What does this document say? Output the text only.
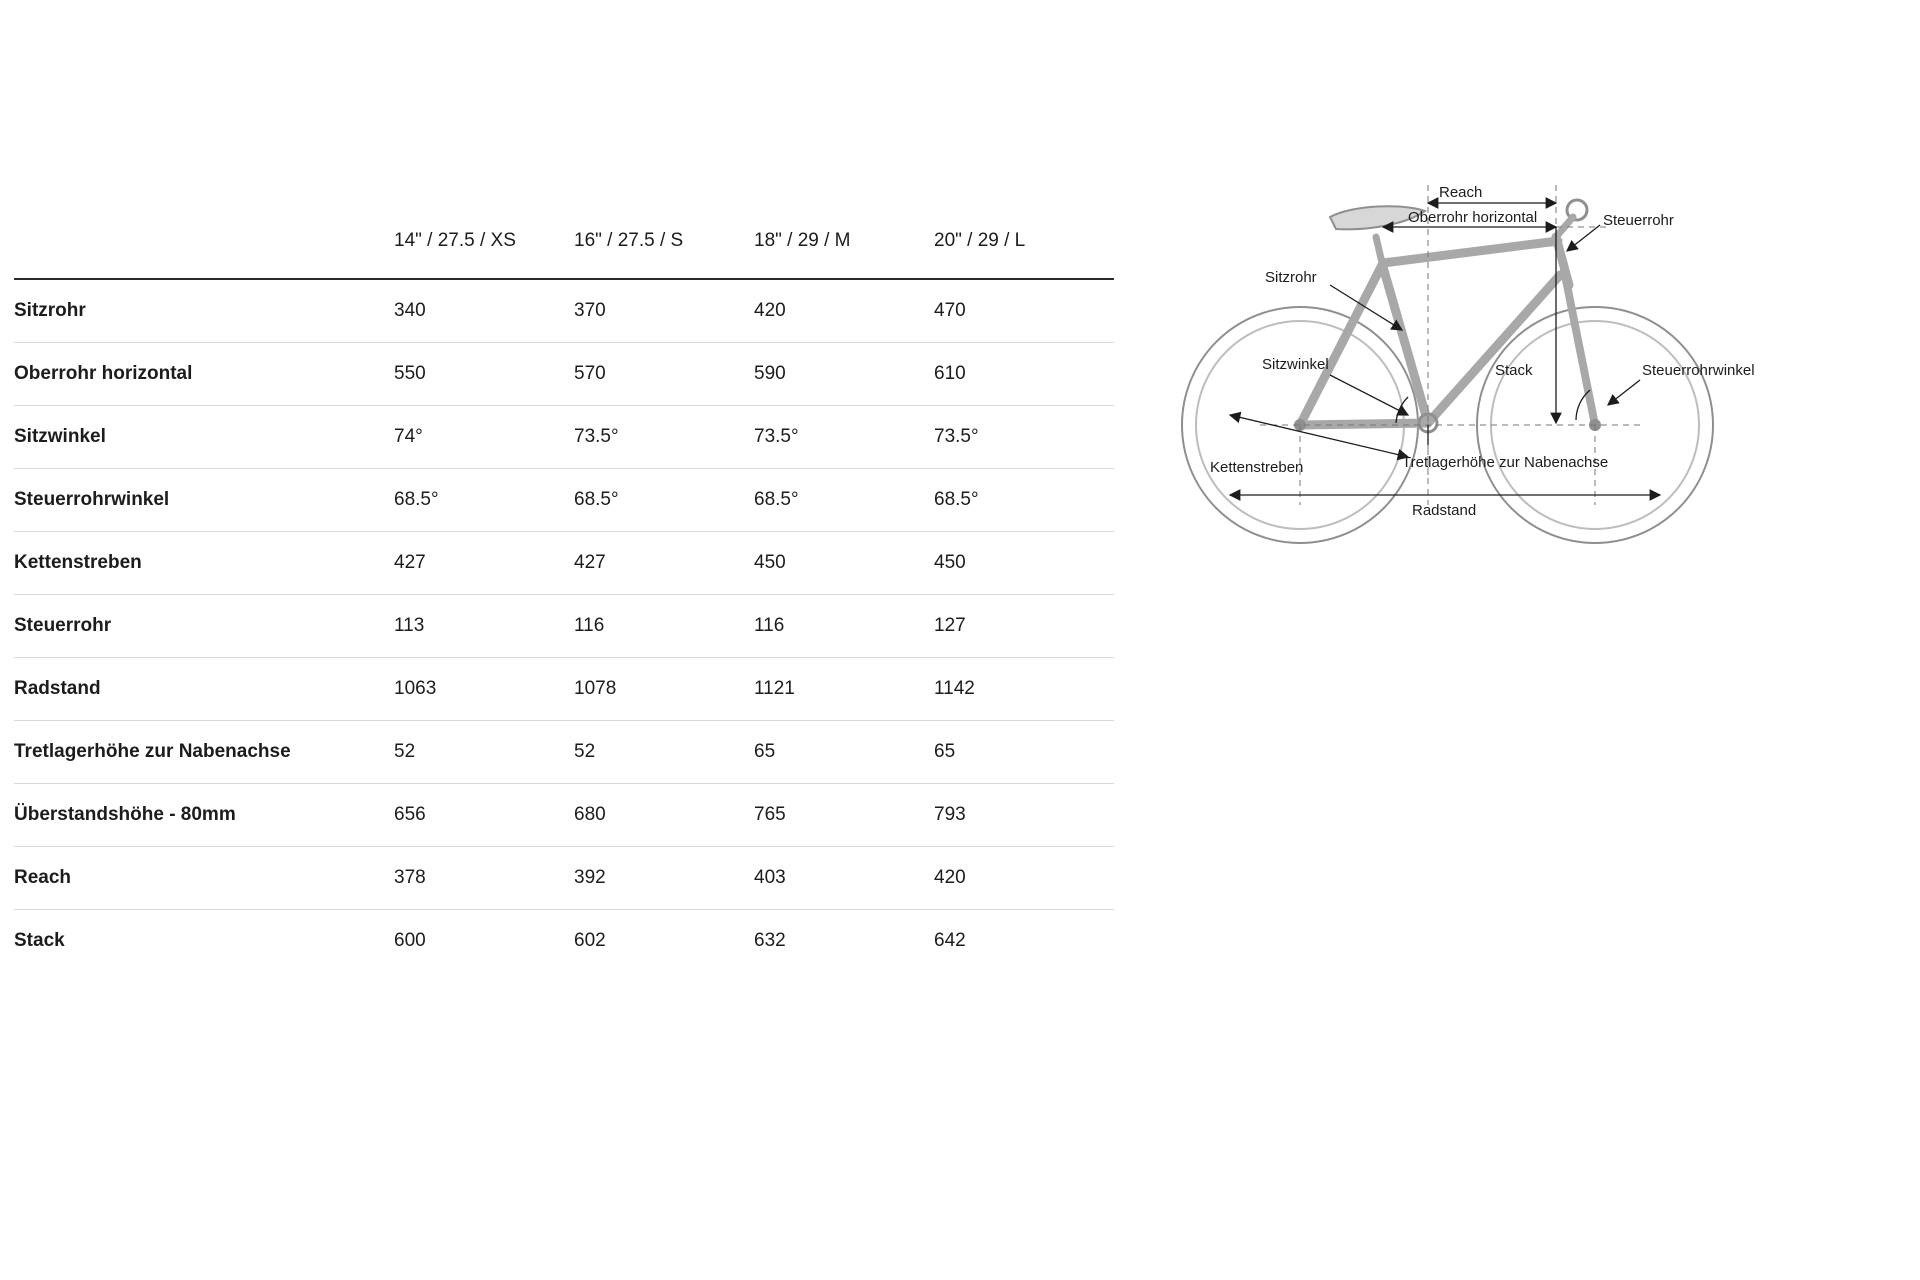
	14" / 27.5 / XS	16" / 27.5 / S	18" / 29 / M	20" / 29 / L
Sitzrohr	340	370	420	470
Oberrohr horizontal	550	570	590	610
Sitzwinkel	74°	73.5°	73.5°	73.5°
Steuerrohrwinkel	68.5°	68.5°	68.5°	68.5°
Kettenstreben	427	427	450	450
Steuerrohr	113	116	116	127
Radstand	1063	1078	1121	1142
Tretlagerhöhe zur Nabenachse	52	52	65	65
Überstandshöhe - 80mm	656	680	765	793
Reach	378	392	403	420
Stack	600	602	632	642
Reach
Oberrohr horizontal	Steuerrohr
Sitzrohr
Sitzwinkel	Steuerrohrwinkel
Stack
Kettenstreben	Tretlagerhöhe zur Nabenachse
Radstand
